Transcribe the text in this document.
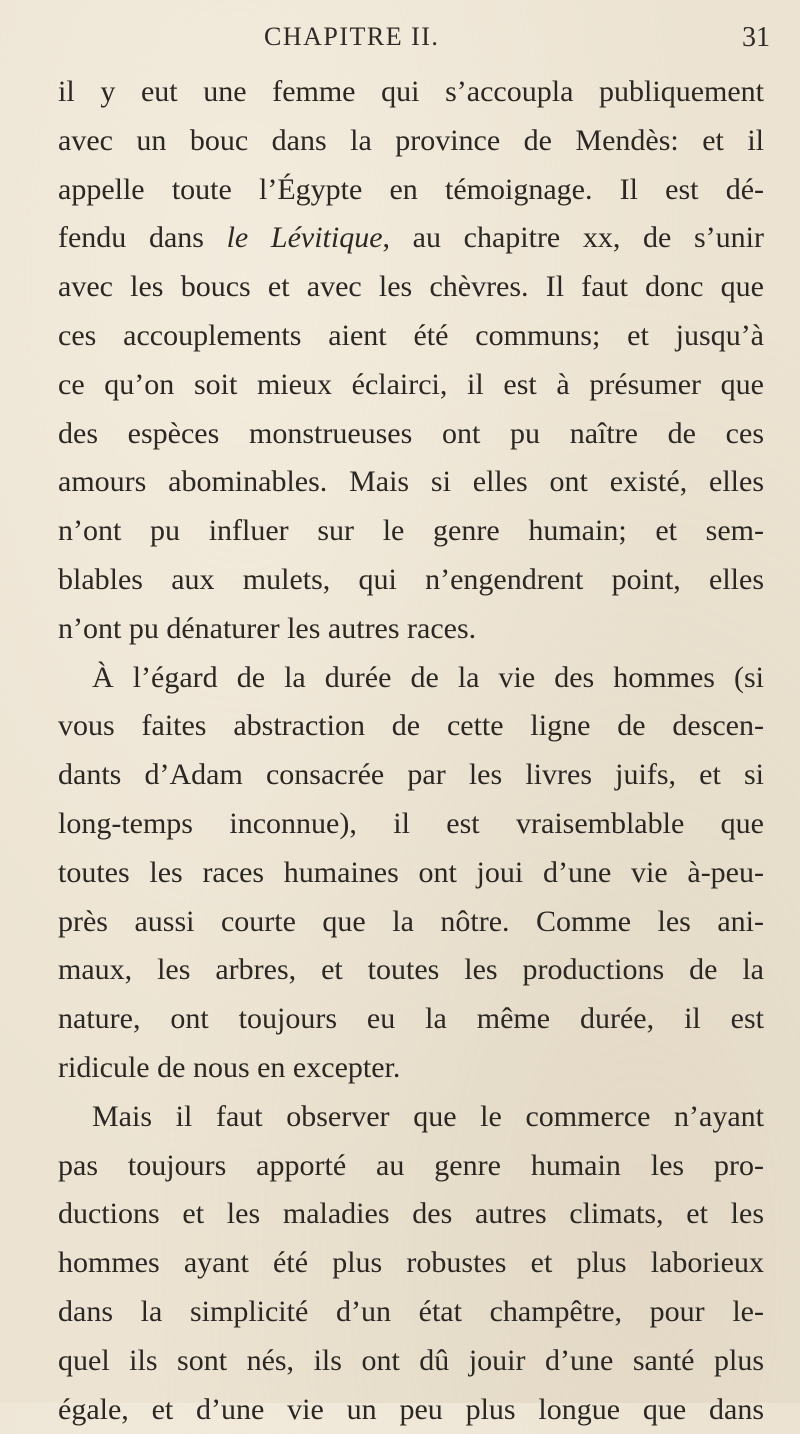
CHAPITRE II.	31
il y eut une femme qui s’accoupla publiquement
avec un bouc dans la province de Mendès: et il
appelle toute l’Égypte en témoignage. Il est dé-
fendu dans le Lévitique, au chapitre xx, de s’unir
avec les boucs et avec les chèvres. Il faut donc que
ces accouplements aient été communs; et jusqu’à
ce qu’on soit mieux éclairci, il est à présumer que
des espèces monstrueuses ont pu naître de ces
amours abominables. Mais si elles ont existé, elles
n’ont pu influer sur le genre humain; et sem-
blables aux mulets, qui n’engendrent point, elles
n’ont pu dénaturer les autres races.
À l’égard de la durée de la vie des hommes (si
vous faites abstraction de cette ligne de descen-
dants d’Adam consacrée par les livres juifs, et si
long-temps inconnue), il est vraisemblable que
toutes les races humaines ont joui d’une vie à-peu-
près aussi courte que la nôtre. Comme les ani-
maux, les arbres, et toutes les productions de la
nature, ont toujours eu la même durée, il est
ridicule de nous en excepter.
Mais il faut observer que le commerce n’ayant
pas toujours apporté au genre humain les pro-
ductions et les maladies des autres climats, et les
hommes ayant été plus robustes et plus laborieux
dans la simplicité d’un état champêtre, pour le-
quel ils sont nés, ils ont dû jouir d’une santé plus
égale, et d’une vie un peu plus longue que dans
